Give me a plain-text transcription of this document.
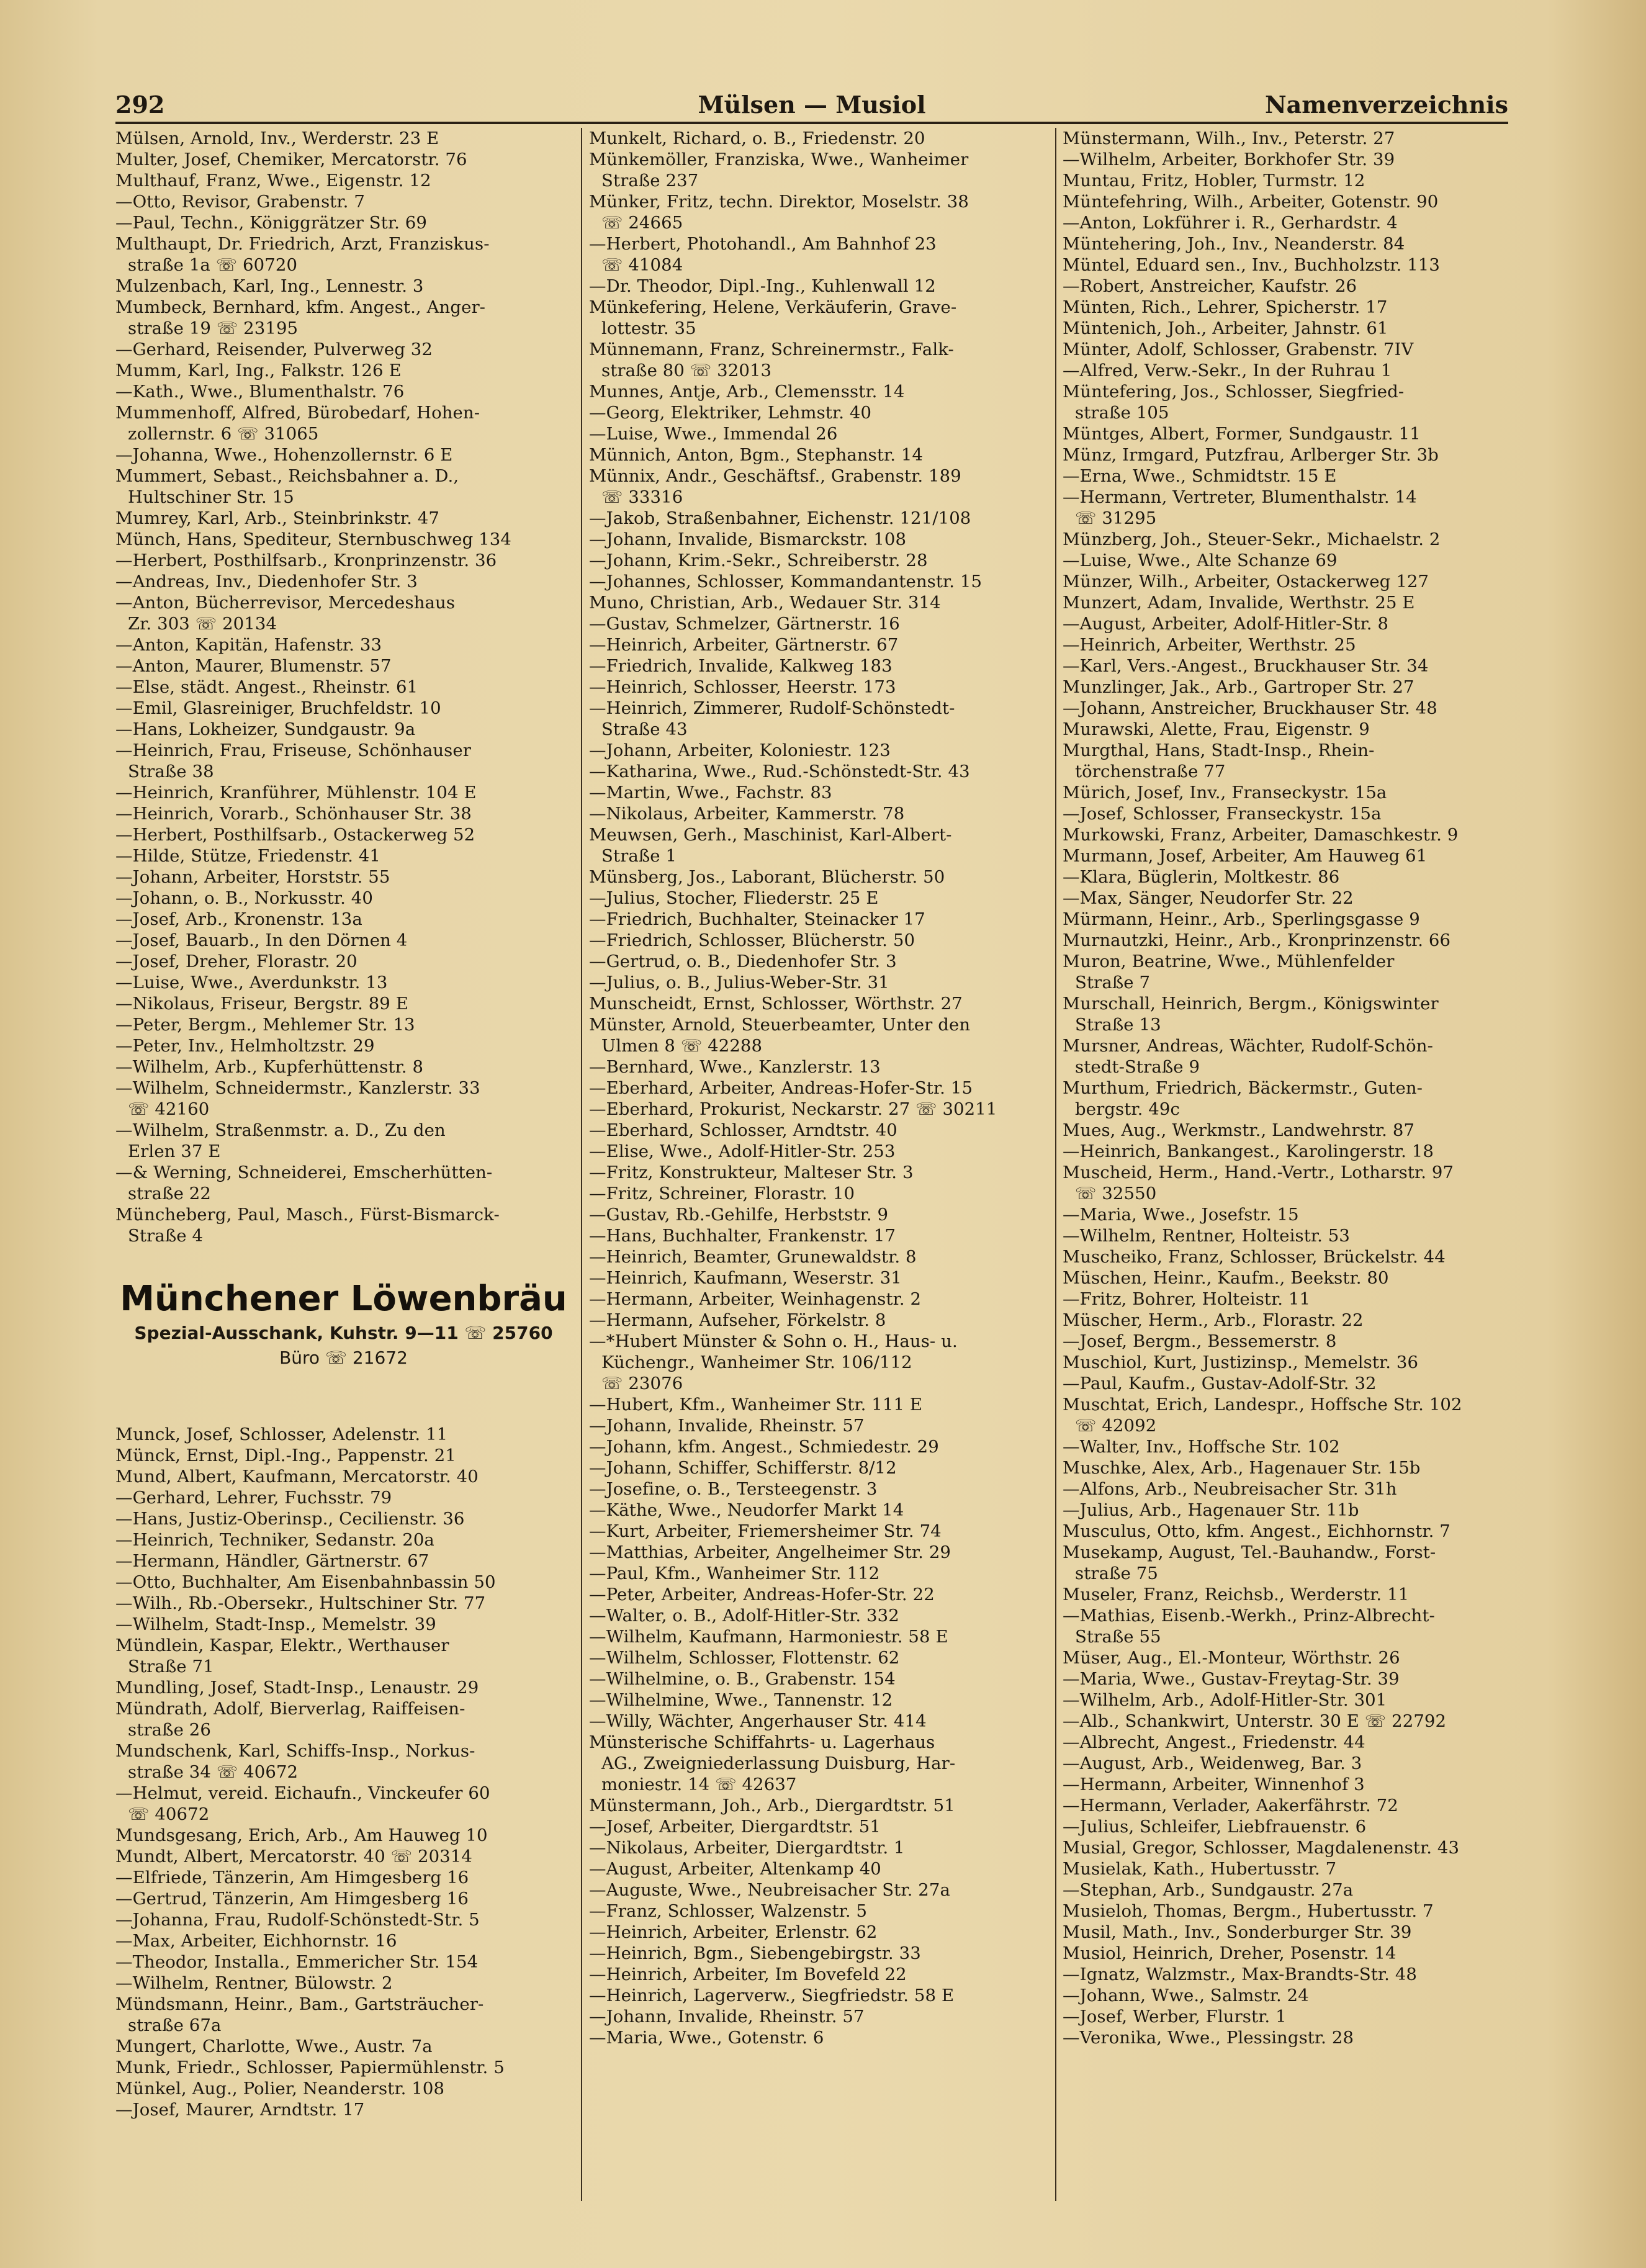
292	Mülsen — Musiol	Namenverzeichnis
Mülsen, Arnold, Inv., Werderstr. 23 E
Multer, Josef, Chemiker, Mercatorstr. 76
Multhauf, Franz, Wwe., Eigenstr. 12
—Otto, Revisor, Grabenstr. 7
—Paul, Techn., Königgrätzer Str. 69
Multhaupt, Dr. Friedrich, Arzt, Franziskus-
straße 1a ☏ 60720
Mulzenbach, Karl, Ing., Lennestr. 3
Mumbeck, Bernhard, kfm. Angest., Anger-
straße 19 ☏ 23195
—Gerhard, Reisender, Pulverweg 32
Mumm, Karl, Ing., Falkstr. 126 E
—Kath., Wwe., Blumenthalstr. 76
Mummenhoff, Alfred, Bürobedarf, Hohen-
zollernstr. 6 ☏ 31065
—Johanna, Wwe., Hohenzollernstr. 6 E
Mummert, Sebast., Reichsbahner a. D.,
Hultschiner Str. 15
Mumrey, Karl, Arb., Steinbrinkstr. 47
Münch, Hans, Spediteur, Sternbuschweg 134
—Herbert, Posthilfsarb., Kronprinzenstr. 36
—Andreas, Inv., Diedenhofer Str. 3
—Anton, Bücherrevisor, Mercedeshaus
Zr. 303 ☏ 20134
—Anton, Kapitän, Hafenstr. 33
—Anton, Maurer, Blumenstr. 57
—Else, städt. Angest., Rheinstr. 61
—Emil, Glasreiniger, Bruchfeldstr. 10
—Hans, Lokheizer, Sundgaustr. 9a
—Heinrich, Frau, Friseuse, Schönhauser
Straße 38
—Heinrich, Kranführer, Mühlenstr. 104 E
—Heinrich, Vorarb., Schönhauser Str. 38
—Herbert, Posthilfsarb., Ostackerweg 52
—Hilde, Stütze, Friedenstr. 41
—Johann, Arbeiter, Horststr. 55
—Johann, o. B., Norkusstr. 40
—Josef, Arb., Kronenstr. 13a
—Josef, Bauarb., In den Dörnen 4
—Josef, Dreher, Florastr. 20
—Luise, Wwe., Averdunkstr. 13
—Nikolaus, Friseur, Bergstr. 89 E
—Peter, Bergm., Mehlemer Str. 13
—Peter, Inv., Helmholtzstr. 29
—Wilhelm, Arb., Kupferhüttenstr. 8
—Wilhelm, Schneidermstr., Kanzlerstr. 33
☏ 42160
—Wilhelm, Straßenmstr. a. D., Zu den
Erlen 37 E
—& Werning, Schneiderei, Emscherhütten-
straße 22
Müncheberg, Paul, Masch., Fürst-Bismarck-
Straße 4
Münchener Löwenbräu
Spezial-Ausschank, Kuhstr. 9—11 ☏ 25760
Büro ☏ 21672
Munck, Josef, Schlosser, Adelenstr. 11
Münck, Ernst, Dipl.-Ing., Pappenstr. 21
Mund, Albert, Kaufmann, Mercatorstr. 40
—Gerhard, Lehrer, Fuchsstr. 79
—Hans, Justiz-Oberinsp., Cecilienstr. 36
—Heinrich, Techniker, Sedanstr. 20a
—Hermann, Händler, Gärtnerstr. 67
—Otto, Buchhalter, Am Eisenbahnbassin 50
—Wilh., Rb.-Obersekr., Hultschiner Str. 77
—Wilhelm, Stadt-Insp., Memelstr. 39
Mündlein, Kaspar, Elektr., Werthauser
Straße 71
Mundling, Josef, Stadt-Insp., Lenaustr. 29
Mündrath, Adolf, Bierverlag, Raiffeisen-
straße 26
Mundschenk, Karl, Schiffs-Insp., Norkus-
straße 34 ☏ 40672
—Helmut, vereid. Eichaufn., Vinckeufer 60
☏ 40672
Mundsgesang, Erich, Arb., Am Hauweg 10
Mundt, Albert, Mercatorstr. 40 ☏ 20314
—Elfriede, Tänzerin, Am Himgesberg 16
—Gertrud, Tänzerin, Am Himgesberg 16
—Johanna, Frau, Rudolf-Schönstedt-Str. 5
—Max, Arbeiter, Eichhornstr. 16
—Theodor, Installa., Emmericher Str. 154
—Wilhelm, Rentner, Bülowstr. 2
Mündsmann, Heinr., Bam., Gartsträucher-
straße 67a
Mungert, Charlotte, Wwe., Austr. 7a
Munk, Friedr., Schlosser, Papiermühlenstr. 5
Münkel, Aug., Polier, Neanderstr. 108
—Josef, Maurer, Arndtstr. 17
Munkelt, Richard, o. B., Friedenstr. 20
Münkemöller, Franziska, Wwe., Wanheimer
Straße 237
Münker, Fritz, techn. Direktor, Moselstr. 38
☏ 24665
—Herbert, Photohandl., Am Bahnhof 23
☏ 41084
—Dr. Theodor, Dipl.-Ing., Kuhlenwall 12
Münkefering, Helene, Verkäuferin, Grave-
lottestr. 35
Münnemann, Franz, Schreinermstr., Falk-
straße 80 ☏ 32013
Munnes, Antje, Arb., Clemensstr. 14
—Georg, Elektriker, Lehmstr. 40
—Luise, Wwe., Immendal 26
Münnich, Anton, Bgm., Stephanstr. 14
Münnix, Andr., Geschäftsf., Grabenstr. 189
☏ 33316
—Jakob, Straßenbahner, Eichenstr. 121/108
—Johann, Invalide, Bismarckstr. 108
—Johann, Krim.-Sekr., Schreiberstr. 28
—Johannes, Schlosser, Kommandantenstr. 15
Muno, Christian, Arb., Wedauer Str. 314
—Gustav, Schmelzer, Gärtnerstr. 16
—Heinrich, Arbeiter, Gärtnerstr. 67
—Friedrich, Invalide, Kalkweg 183
—Heinrich, Schlosser, Heerstr. 173
—Heinrich, Zimmerer, Rudolf-Schönstedt-
Straße 43
—Johann, Arbeiter, Koloniestr. 123
—Katharina, Wwe., Rud.-Schönstedt-Str. 43
—Martin, Wwe., Fachstr. 83
—Nikolaus, Arbeiter, Kammerstr. 78
Meuwsen, Gerh., Maschinist, Karl-Albert-
Straße 1
Münsberg, Jos., Laborant, Blücherstr. 50
—Julius, Stocher, Fliederstr. 25 E
—Friedrich, Buchhalter, Steinacker 17
—Friedrich, Schlosser, Blücherstr. 50
—Gertrud, o. B., Diedenhofer Str. 3
—Julius, o. B., Julius-Weber-Str. 31
Munscheidt, Ernst, Schlosser, Wörthstr. 27
Münster, Arnold, Steuerbeamter, Unter den
Ulmen 8 ☏ 42288
—Bernhard, Wwe., Kanzlerstr. 13
—Eberhard, Arbeiter, Andreas-Hofer-Str. 15
—Eberhard, Prokurist, Neckarstr. 27 ☏ 30211
—Eberhard, Schlosser, Arndtstr. 40
—Elise, Wwe., Adolf-Hitler-Str. 253
—Fritz, Konstrukteur, Malteser Str. 3
—Fritz, Schreiner, Florastr. 10
—Gustav, Rb.-Gehilfe, Herbststr. 9
—Hans, Buchhalter, Frankenstr. 17
—Heinrich, Beamter, Grunewaldstr. 8
—Heinrich, Kaufmann, Weserstr. 31
—Hermann, Arbeiter, Weinhagenstr. 2
—Hermann, Aufseher, Förkelstr. 8
—*Hubert Münster & Sohn o. H., Haus- u.
Küchengr., Wanheimer Str. 106/112
☏ 23076
—Hubert, Kfm., Wanheimer Str. 111 E
—Johann, Invalide, Rheinstr. 57
—Johann, kfm. Angest., Schmiedestr. 29
—Johann, Schiffer, Schifferstr. 8/12
—Josefine, o. B., Tersteegenstr. 3
—Käthe, Wwe., Neudorfer Markt 14
—Kurt, Arbeiter, Friemersheimer Str. 74
—Matthias, Arbeiter, Angelheimer Str. 29
—Paul, Kfm., Wanheimer Str. 112
—Peter, Arbeiter, Andreas-Hofer-Str. 22
—Walter, o. B., Adolf-Hitler-Str. 332
—Wilhelm, Kaufmann, Harmoniestr. 58 E
—Wilhelm, Schlosser, Flottenstr. 62
—Wilhelmine, o. B., Grabenstr. 154
—Wilhelmine, Wwe., Tannenstr. 12
—Willy, Wächter, Angerhauser Str. 414
Münsterische Schiffahrts- u. Lagerhaus
AG., Zweigniederlassung Duisburg, Har-
moniestr. 14 ☏ 42637
Münstermann, Joh., Arb., Diergardtstr. 51
—Josef, Arbeiter, Diergardtstr. 51
—Nikolaus, Arbeiter, Diergardtstr. 1
—August, Arbeiter, Altenkamp 40
—Auguste, Wwe., Neubreisacher Str. 27a
—Franz, Schlosser, Walzenstr. 5
—Heinrich, Arbeiter, Erlenstr. 62
—Heinrich, Bgm., Siebengebirgstr. 33
—Heinrich, Arbeiter, Im Bovefeld 22
—Heinrich, Lagerverw., Siegfriedstr. 58 E
—Johann, Invalide, Rheinstr. 57
—Maria, Wwe., Gotenstr. 6
Münstermann, Wilh., Inv., Peterstr. 27
—Wilhelm, Arbeiter, Borkhofer Str. 39
Muntau, Fritz, Hobler, Turmstr. 12
Müntefehring, Wilh., Arbeiter, Gotenstr. 90
—Anton, Lokführer i. R., Gerhardstr. 4
Müntehering, Joh., Inv., Neanderstr. 84
Müntel, Eduard sen., Inv., Buchholzstr. 113
—Robert, Anstreicher, Kaufstr. 26
Münten, Rich., Lehrer, Spicherstr. 17
Müntenich, Joh., Arbeiter, Jahnstr. 61
Münter, Adolf, Schlosser, Grabenstr. 7IV
—Alfred, Verw.-Sekr., In der Ruhrau 1
Müntefering, Jos., Schlosser, Siegfried-
straße 105
Müntges, Albert, Former, Sundgaustr. 11
Münz, Irmgard, Putzfrau, Arlberger Str. 3b
—Erna, Wwe., Schmidtstr. 15 E
—Hermann, Vertreter, Blumenthalstr. 14
☏ 31295
Münzberg, Joh., Steuer-Sekr., Michaelstr. 2
—Luise, Wwe., Alte Schanze 69
Münzer, Wilh., Arbeiter, Ostackerweg 127
Munzert, Adam, Invalide, Werthstr. 25 E
—August, Arbeiter, Adolf-Hitler-Str. 8
—Heinrich, Arbeiter, Werthstr. 25
—Karl, Vers.-Angest., Bruckhauser Str. 34
Munzlinger, Jak., Arb., Gartroper Str. 27
—Johann, Anstreicher, Bruckhauser Str. 48
Murawski, Alette, Frau, Eigenstr. 9
Murgthal, Hans, Stadt-Insp., Rhein-
törchenstraße 77
Mürich, Josef, Inv., Franseckystr. 15a
—Josef, Schlosser, Franseckystr. 15a
Murkowski, Franz, Arbeiter, Damaschkestr. 9
Murmann, Josef, Arbeiter, Am Hauweg 61
—Klara, Büglerin, Moltkestr. 86
—Max, Sänger, Neudorfer Str. 22
Mürmann, Heinr., Arb., Sperlingsgasse 9
Murnautzki, Heinr., Arb., Kronprinzenstr. 66
Muron, Beatrine, Wwe., Mühlenfelder
Straße 7
Murschall, Heinrich, Bergm., Königswinter
Straße 13
Mursner, Andreas, Wächter, Rudolf-Schön-
stedt-Straße 9
Murthum, Friedrich, Bäckermstr., Guten-
bergstr. 49c
Mues, Aug., Werkmstr., Landwehrstr. 87
—Heinrich, Bankangest., Karolingerstr. 18
Muscheid, Herm., Hand.-Vertr., Lotharstr. 97
☏ 32550
—Maria, Wwe., Josefstr. 15
—Wilhelm, Rentner, Holteistr. 53
Muscheiko, Franz, Schlosser, Brückelstr. 44
Müschen, Heinr., Kaufm., Beekstr. 80
—Fritz, Bohrer, Holteistr. 11
Müscher, Herm., Arb., Florastr. 22
—Josef, Bergm., Bessemerstr. 8
Muschiol, Kurt, Justizinsp., Memelstr. 36
—Paul, Kaufm., Gustav-Adolf-Str. 32
Muschtat, Erich, Landespr., Hoffsche Str. 102
☏ 42092
—Walter, Inv., Hoffsche Str. 102
Muschke, Alex, Arb., Hagenauer Str. 15b
—Alfons, Arb., Neubreisacher Str. 31h
—Julius, Arb., Hagenauer Str. 11b
Musculus, Otto, kfm. Angest., Eichhornstr. 7
Musekamp, August, Tel.-Bauhandw., Forst-
straße 75
Museler, Franz, Reichsb., Werderstr. 11
—Mathias, Eisenb.-Werkh., Prinz-Albrecht-
Straße 55
Müser, Aug., El.-Monteur, Wörthstr. 26
—Maria, Wwe., Gustav-Freytag-Str. 39
—Wilhelm, Arb., Adolf-Hitler-Str. 301
—Alb., Schankwirt, Unterstr. 30 E ☏ 22792
—Albrecht, Angest., Friedenstr. 44
—August, Arb., Weidenweg, Bar. 3
—Hermann, Arbeiter, Winnenhof 3
—Hermann, Verlader, Aakerfährstr. 72
—Julius, Schleifer, Liebfrauenstr. 6
Musial, Gregor, Schlosser, Magdalenenstr. 43
Musielak, Kath., Hubertusstr. 7
—Stephan, Arb., Sundgaustr. 27a
Musieloh, Thomas, Bergm., Hubertusstr. 7
Musil, Math., Inv., Sonderburger Str. 39
Musiol, Heinrich, Dreher, Posenstr. 14
—Ignatz, Walzmstr., Max-Brandts-Str. 48
—Johann, Wwe., Salmstr. 24
—Josef, Werber, Flurstr. 1
—Veronika, Wwe., Plessingstr. 28
